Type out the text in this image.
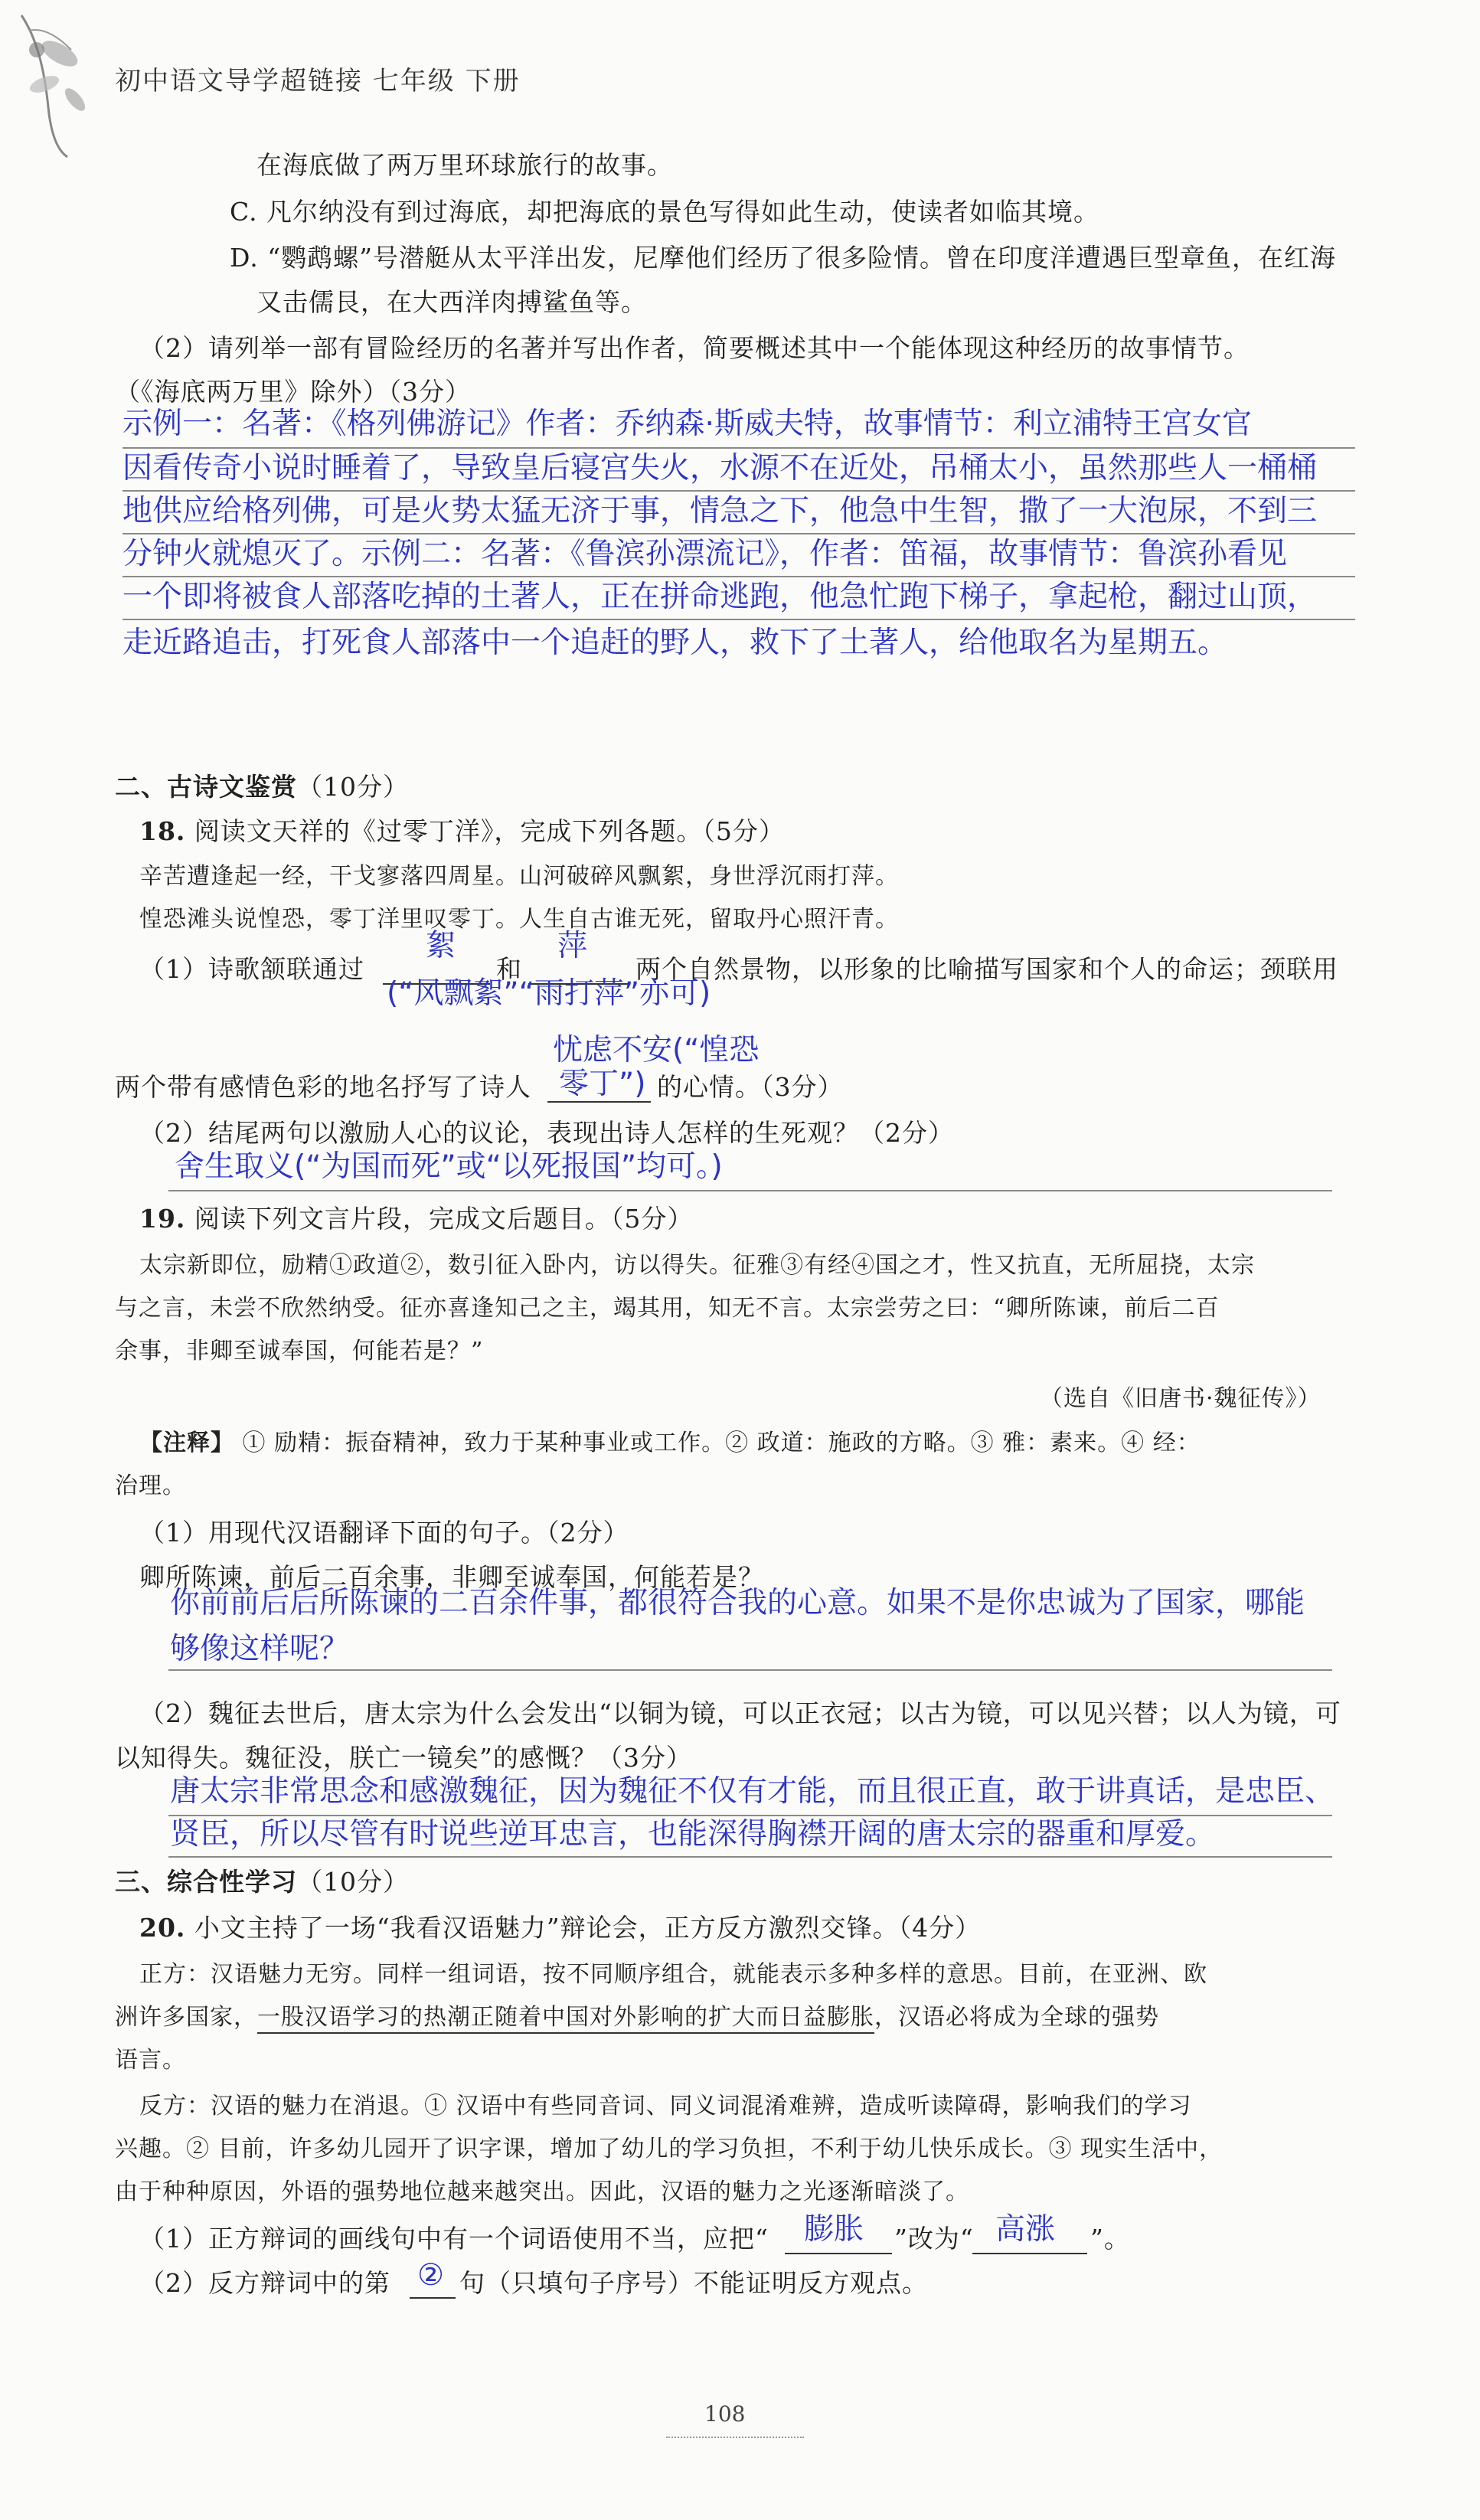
初中语文导学超链接 七年级 下册
在海底做了两万里环球旅行的故事。
C. 凡尔纳没有到过海底，却把海底的景色写得如此生动，使读者如临其境。
D. “鹦鹉螺”号潜艇从太平洋出发，尼摩他们经历了很多险情。曾在印度洋遭遇巨型章鱼，在红海
又击儒艮，在大西洋肉搏鲨鱼等。
（2）请列举一部有冒险经历的名著并写出作者，简要概述其中一个能体现这种经历的故事情节。
（《海底两万里》除外）（3分）
示例一：名著：《格列佛游记》作者：乔纳森·斯威夫特，故事情节：利立浦特王宫女官
因看传奇小说时睡着了，导致皇后寝宫失火，水源不在近处，吊桶太小，虽然那些人一桶桶
地供应给格列佛，可是火势太猛无济于事，情急之下，他急中生智，撒了一大泡尿，不到三
分钟火就熄灭了。示例二：名著：《鲁滨孙漂流记》，作者：笛福，故事情节：鲁滨孙看见
一个即将被食人部落吃掉的土著人，正在拼命逃跑，他急忙跑下梯子，拿起枪，翻过山顶，
走近路追击，打死食人部落中一个追赶的野人，救下了土著人，给他取名为星期五。
二、古诗文鉴赏（10分）
18. 阅读文天祥的《过零丁洋》，完成下列各题。（5分）
辛苦遭逢起一经，干戈寥落四周星。山河破碎风飘絮，身世浮沉雨打萍。
惶恐滩头说惶恐，零丁洋里叹零丁。人生自古谁无死，留取丹心照汗青。
絮	萍
（1）诗歌颔联通过	和	两个自然景物，以形象的比喻描写国家和个人的命运；颈联用
(“风飘絮”“雨打萍”亦可)
忧虑不安(“惶恐
两个带有感情色彩的地名抒写了诗人 零丁”) 的心情。（3分）
（2）结尾两句以激励人心的议论，表现出诗人怎样的生死观？（2分）
舍生取义(“为国而死”或“以死报国”均可。)
19. 阅读下列文言片段，完成文后题目。（5分）
太宗新即位，励精①政道②，数引征入卧内，访以得失。征雅③有经④国之才，性又抗直，无所屈挠，太宗
与之言，未尝不欣然纳受。征亦喜逢知己之主，竭其用，知无不言。太宗尝劳之曰：“卿所陈谏，前后二百
余事，非卿至诚奉国，何能若是？”
（选自《旧唐书·魏征传》）
【注释】 ① 励精：振奋精神，致力于某种事业或工作。② 政道：施政的方略。③ 雅：素来。④ 经：
治理。
（1）用现代汉语翻译下面的句子。（2分）
卿所陈谏，前后二百余事，非卿至诚奉国，何能若是？
你前前后后所陈谏的二百余件事，都很符合我的心意。如果不是你忠诚为了国家，哪能
够像这样呢？
（2）魏征去世后，唐太宗为什么会发出“以铜为镜，可以正衣冠；以古为镜，可以见兴替；以人为镜，可
以知得失。魏征没，朕亡一镜矣”的感慨？（3分）
唐太宗非常思念和感激魏征，因为魏征不仅有才能，而且很正直，敢于讲真话，是忠臣、
贤臣，所以尽管有时说些逆耳忠言，也能深得胸襟开阔的唐太宗的器重和厚爱。
三、综合性学习（10分）
20. 小文主持了一场“我看汉语魅力”辩论会，正方反方激烈交锋。（4分）
正方：汉语魅力无穷。同样一组词语，按不同顺序组合，就能表示多种多样的意思。目前，在亚洲、欧
洲许多国家，一股汉语学习的热潮正随着中国对外影响的扩大而日益膨胀，汉语必将成为全球的强势
语言。
反方：汉语的魅力在消退。① 汉语中有些同音词、同义词混淆难辨，造成听读障碍，影响我们的学习
兴趣。② 目前，许多幼儿园开了识字课，增加了幼儿的学习负担，不利于幼儿快乐成长。③ 现实生活中，
由于种种原因，外语的强势地位越来越突出。因此，汉语的魅力之光逐渐暗淡了。
（1）正方辩词的画线句中有一个词语使用不当，应把“ 膨胀 ”改为“ 高涨 ”。
（2）反方辩词中的第 ② 句（只填句子序号）不能证明反方观点。
108
